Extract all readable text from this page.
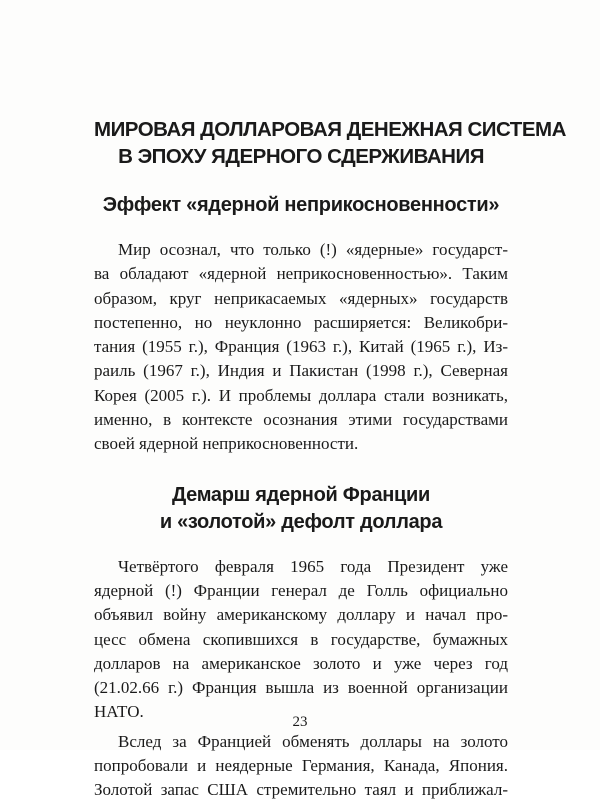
МИРОВАЯ ДОЛЛАРОВАЯ ДЕНЕЖНАЯ СИСТЕМА
В ЭПОХУ ЯДЕРНОГО СДЕРЖИВАНИЯ
Эффект «ядерной неприкосновенности»

Мир осознал, что только (!) «ядерные» государст-
ва обладают «ядерной неприкосновенностью». Таким
образом, круг неприкасаемых «ядерных» государств
постепенно, но неуклонно расширяется: Великобри-
тания (1955 г.), Франция (1963 г.), Китай (1965 г.), Из-
раиль (1967 г.), Индия и Пакистан (1998 г.), Северная
Корея (2005 г.). И проблемы доллара стали возникать,
именно, в контексте осознания этими государствами
своей ядерной неприкосновенности.

Демарш ядерной Франции
и «золотой» дефолт доллара

Четвёртого февраля 1965 года Президент уже
ядерной (!) Франции генерал де Голль официально
объявил войну американскому доллару и начал про-
цесс обмена скопившихся в государстве, бумажных
долларов на американское золото и уже через год
(21.02.66 г.) Франция вышла из военной организации
НАТО.

Вслед за Францией обменять доллары на золото
попробовали и неядерные Германия, Канада, Япония.
Золотой запас США стремительно таял и приближал-

23
